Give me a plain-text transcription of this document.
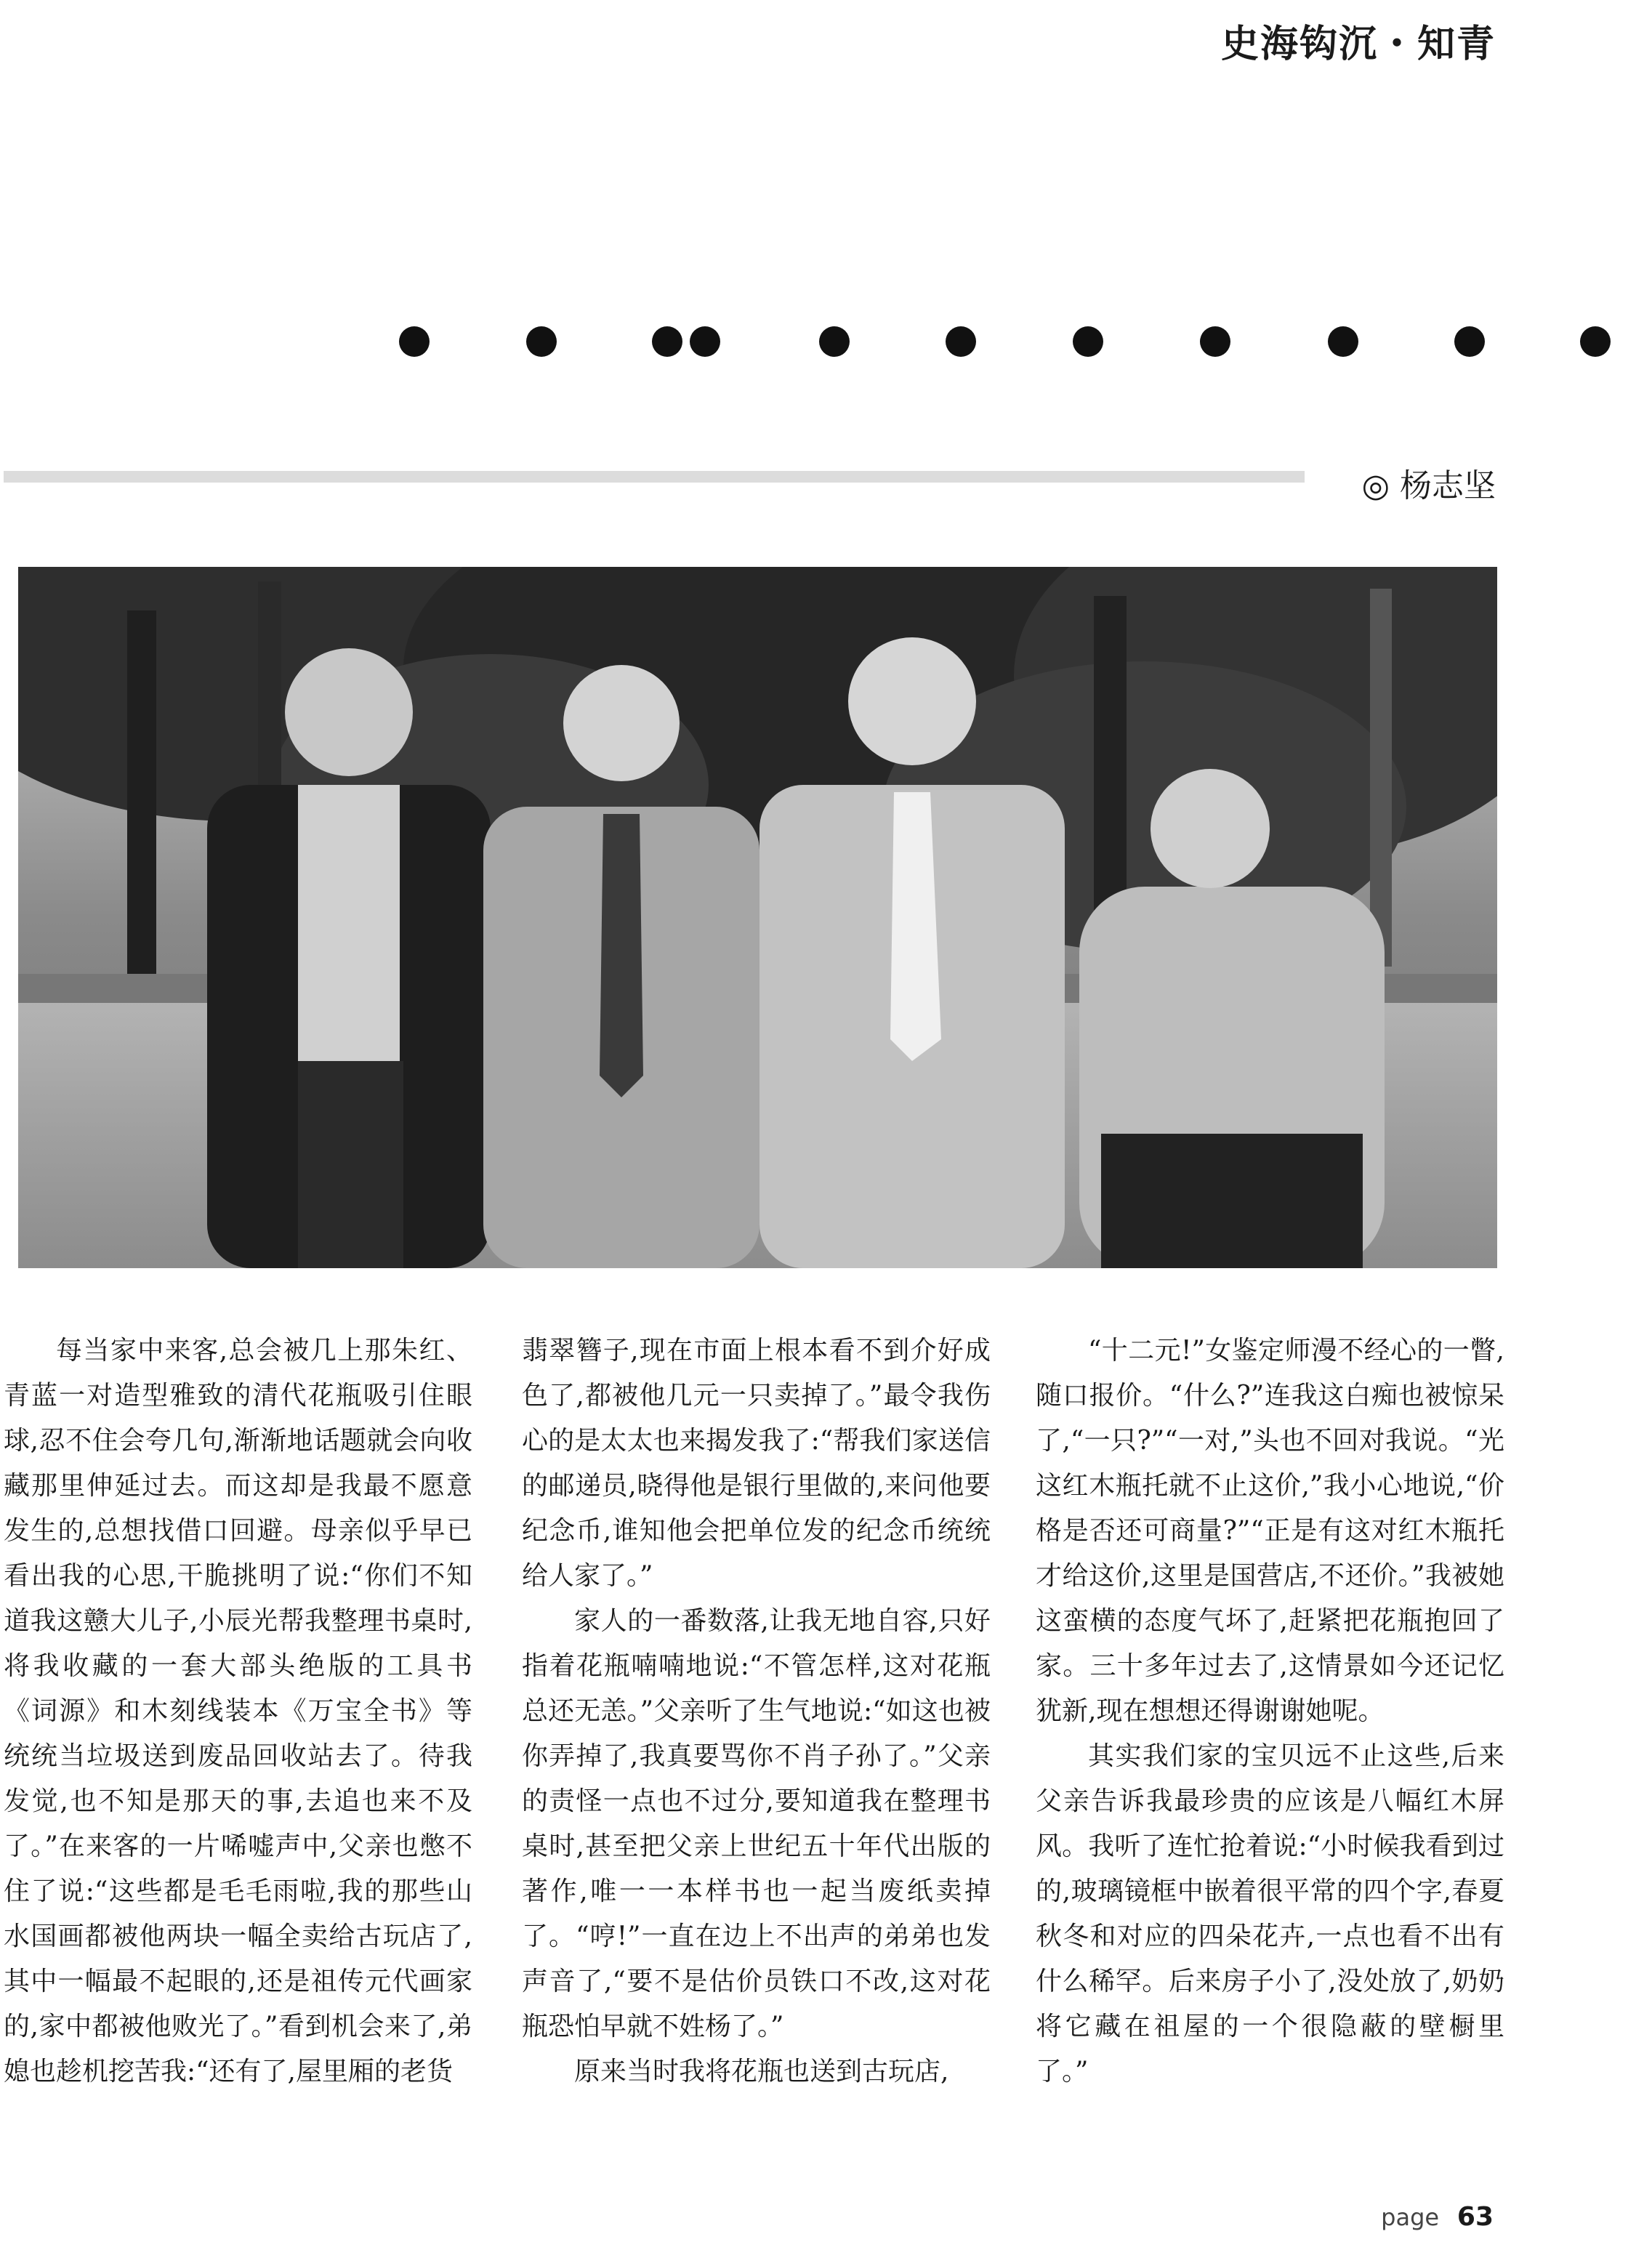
史海钩沉・知青
◎ 杨志坚

每当家中来客,总会被几上那朱红、青蓝一对造型雅致的清代花瓶吸引住眼球,忍不住会夸几句,渐渐地话题就会向收藏那里伸延过去。而这却是我最不愿意发生的,总想找借口回避。母亲似乎早已看出我的心思,干脆挑明了说:“你们不知道我这戆大儿子,小辰光帮我整理书桌时,将我收藏的一套大部头绝版的工具书《词源》和木刻线装本《万宝全书》等统统当垃圾送到废品回收站去了。待我发觉,也不知是那天的事,去追也来不及了。”在来客的一片唏嘘声中,父亲也憋不住了说:“这些都是毛毛雨啦,我的那些山水国画都被他两块一幅全卖给古玩店了,其中一幅最不起眼的,还是祖传元代画家的,家中都被他败光了。”看到机会来了,弟媳也趁机挖苦我:“还有了,屋里厢的老货

翡翠簪子,现在市面上根本看不到介好成色了,都被他几元一只卖掉了。”最令我伤心的是太太也来揭发我了:“帮我们家送信的邮递员,晓得他是银行里做的,来问他要纪念币,谁知他会把单位发的纪念币统统给人家了。”

家人的一番数落,让我无地自容,只好指着花瓶喃喃地说:“不管怎样,这对花瓶总还无恙。”父亲听了生气地说:“如这也被你弄掉了,我真要骂你不肖子孙了。”父亲的责怪一点也不过分,要知道我在整理书桌时,甚至把父亲上世纪五十年代出版的著作,唯一一本样书也一起当废纸卖掉了。“哼!”一直在边上不出声的弟弟也发声音了,“要不是估价员铁口不改,这对花瓶恐怕早就不姓杨了。”

原来当时我将花瓶也送到古玩店,

“十二元!”女鉴定师漫不经心的一瞥,随口报价。“什么?”连我这白痴也被惊呆了,“一只?”“一对,”头也不回对我说。“光这红木瓶托就不止这价,”我小心地说,“价格是否还可商量?”“正是有这对红木瓶托才给这价,这里是国营店,不还价。”我被她这蛮横的态度气坏了,赶紧把花瓶抱回了家。三十多年过去了,这情景如今还记忆犹新,现在想想还得谢谢她呢。

其实我们家的宝贝远不止这些,后来父亲告诉我最珍贵的应该是八幅红木屏风。我听了连忙抢着说:“小时候我看到过的,玻璃镜框中嵌着很平常的四个字,春夏秋冬和对应的四朵花卉,一点也看不出有什么稀罕。后来房子小了,没处放了,奶奶将它藏在祖屋的一个很隐蔽的壁橱里了。”

page 63
